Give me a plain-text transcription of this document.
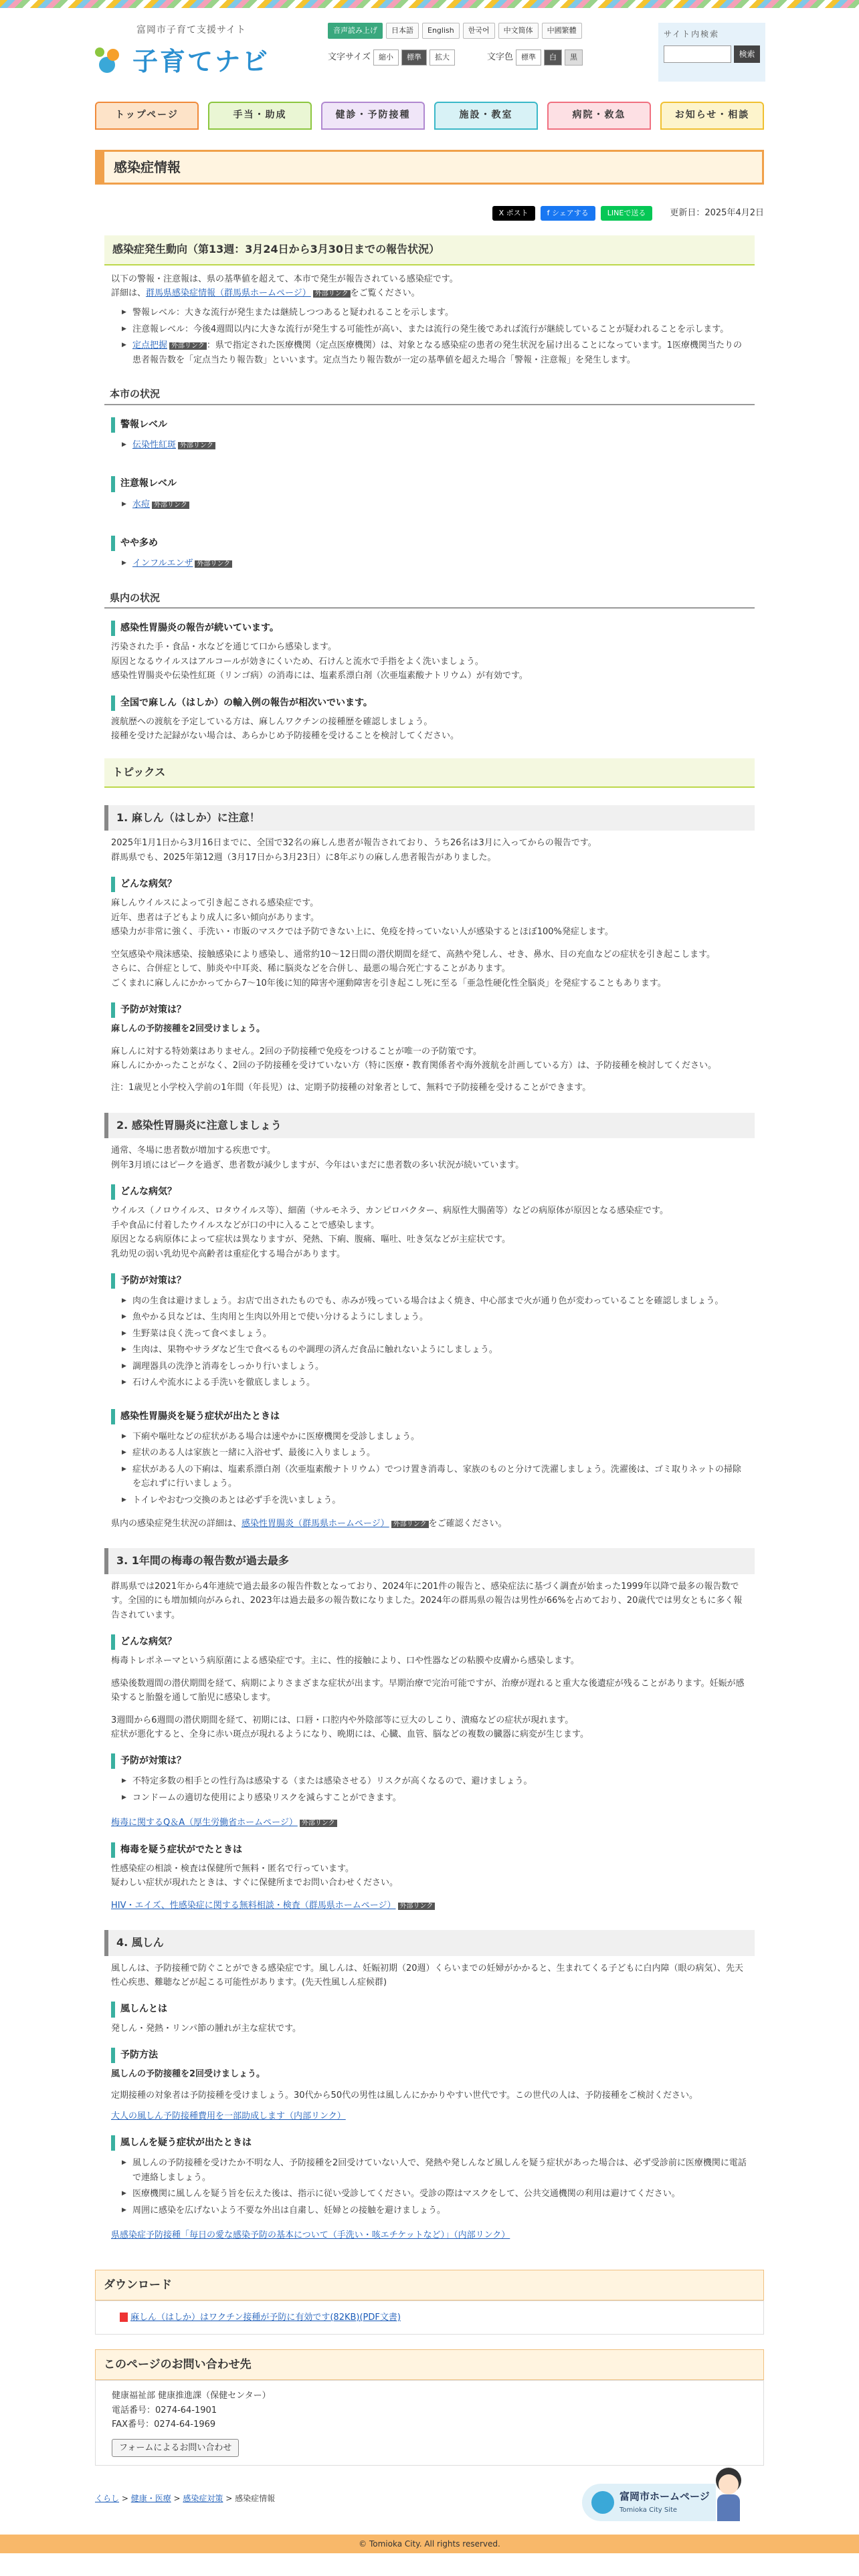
富岡市子育て支援サイト
子育てナビ
音声読み上げ	日本語	English	한국어	中文简体	中國繁體
文字サイズ	縮小	標準	拡大	文字色	標準	白	黒
サイト内検索
検索
トップページ	手当・助成	健診・予防接種	施設・教室	病院・救急	お知らせ・相談
感染症情報
X ポスト	f シェアする	LINEで送る	更新日：2025年4月2日
感染症発生動向（第13週：3月24日から3月30日までの報告状況）

以下の警報・注意報は、県の基準値を超えて、本市で発生が報告されている感染症です。

詳細は、群馬県感染症情報（群馬県ホームページ） 外部リンク をご覧ください。

▶ 警報レベル：大きな流行が発生または継続しつつあると疑われることを示します。
▶ 注意報レベル：今後4週間以内に大きな流行が発生する可能性が高い、または流行の発生後であれば流行が継続していることが疑われることを示します。
▶ 定点把握 外部リンク ：県で指定された医療機関（定点医療機関）は、対象となる感染症の患者の発生状況を届け出ることになっています。1医療機関当たりの患者報告数を「定点当たり報告数」といいます。定点当たり報告数が一定の基準値を超えた場合「警報・注意報」を発生します。
本市の状況
警報レベル
▶ 伝染性紅斑 外部リンク
注意報レベル
▶ 水痘 外部リンク
やや多め
▶ インフルエンザ 外部リンク
県内の状況
感染性胃腸炎の報告が続いています。
汚染された手・食品・水などを通じて口から感染します。
原因となるウイルスはアルコールが効きにくいため、石けんと流水で手指をよく洗いましょう。
感染性胃腸炎や伝染性紅斑（リンゴ病）の消毒には、塩素系漂白剤（次亜塩素酸ナトリウム）が有効です。
全国で麻しん（はしか）の輸入例の報告が相次いでいます。
渡航歴への渡航を予定している方は、麻しんワクチンの接種歴を確認しましょう。
接種を受けた記録がない場合は、あらかじめ予防接種を受けることを検討してください。
トピックス
1. 麻しん（はしか）に注意！
2025年1月1日から3月16日までに、全国で32名の麻しん患者が報告されており、うち26名は3月に入ってからの報告です。
群馬県でも、2025年第12週（3月17日から3月23日）に8年ぶりの麻しん患者報告がありました。
どんな病気？
麻しんウイルスによって引き起こされる感染症です。
近年、患者は子どもより成人に多い傾向があります。
感染力が非常に強く、手洗い・市販のマスクでは予防できない上に、免疫を持っていない人が感染するとほぼ100%発症します。
空気感染や飛沫感染、接触感染により感染し、通常約10〜12日間の潜伏期間を経て、高熱や発しん、せき、鼻水、目の充血などの症状を引き起こします。
さらに、合併症として、肺炎や中耳炎、稀に脳炎などを合併し、最悪の場合死亡することがあります。
ごくまれに麻しんにかかってから7〜10年後に知的障害や運動障害を引き起こし死に至る「亜急性硬化性全脳炎」を発症することもあります。
予防が対策は？
麻しんの予防接種を2回受けましょう。
麻しんに対する特効薬はありません。2回の予防接種で免疫をつけることが唯一の予防策です。
麻しんにかかったことがなく、2回の予防接種を受けていない方（特に医療・教育関係者や海外渡航を計画している方）は、予防接種を検討してください。
注：1歳児と小学校入学前の1年間（年長児）は、定期予防接種の対象者として、無料で予防接種を受けることができます。
2. 感染性胃腸炎に注意しましょう
通常、冬場に患者数が増加する疾患です。
例年3月頃にはピークを過ぎ、患者数が減少しますが、今年はいまだに患者数の多い状況が続いています。
どんな病気？
ウイルス（ノロウイルス、ロタウイルス等）、細菌（サルモネラ、カンピロバクター、病原性大腸菌等）などの病原体が原因となる感染症です。
手や食品に付着したウイルスなどが口の中に入ることで感染します。
原因となる病原体によって症状は異なりますが、発熱、下痢、腹痛、嘔吐、吐き気などが主症状です。
乳幼児の弱い乳幼児や高齢者は重症化する場合があります。
予防が対策は？
▶ 肉の生食は避けましょう。お店で出されたものでも、赤みが残っている場合はよく焼き、中心部まで火が通り色が変わっていることを確認しましょう。
▶ 魚やかる貝などは、生肉用と生肉以外用とで使い分けるようにしましょう。
▶ 生野菜は良く洗って食べましょう。
▶ 生肉は、果物やサラダなど生で食べるものや調理の済んだ食品に触れないようにしましょう。
▶ 調理器具の洗浄と消毒をしっかり行いましょう。
▶ 石けんや流水による手洗いを徹底しましょう。
感染性胃腸炎を疑う症状が出たときは
▶ 下痢や嘔吐などの症状がある場合は速やかに医療機関を受診しましょう。
▶ 症状のある人は家族と一緒に入浴せず、最後に入りましょう。
▶ 症状がある人の下痢は、塩素系漂白剤（次亜塩素酸ナトリウム）でつけ置き消毒し、家族のものと分けて洗濯しましょう。洗濯後は、ゴミ取りネットの掃除を忘れずに行いましょう。
▶ トイレやおむつ交換のあとは必ず手を洗いましょう。
県内の感染症発生状況の詳細は、感染性胃腸炎（群馬県ホームページ） 外部リンク をご確認ください。
3. 1年間の梅毒の報告数が過去最多
群馬県では2021年から4年連続で過去最多の報告件数となっており、2024年に201件の報告と、感染症法に基づく調査が始まった1999年以降で最多の報告数です。全国的にも増加傾向がみられ、2023年は過去最多の報告数になりました。2024年の群馬県の報告は男性が66%を占めており、20歳代では男女ともに多く報告されています。
どんな病気？
梅毒トレポネーマという病原菌による感染症です。主に、性的接触により、口や性器などの粘膜や皮膚から感染します。
感染後数週間の潜伏期間を経て、病期によりさまざまな症状が出ます。早期治療で完治可能ですが、治療が遅れると重大な後遺症が残ることがあります。妊娠が感染すると胎盤を通して胎児に感染します。
3週間から6週間の潜伏期間を経て、初期には、口唇・口腔内や外陰部等に豆大のしこり、潰瘍などの症状が現れます。
症状が悪化すると、全身に赤い斑点が現れるようになり、晩期には、心臓、血管、脳などの複数の臓器に病変が生じます。
予防が対策は？
▶ 不特定多数の相手との性行為は感染する（または感染させる）リスクが高くなるので、避けましょう。
▶ コンドームの適切な使用により感染リスクを減らすことができます。
梅毒に関するQ＆A（厚生労働省ホームページ） 外部リンク
梅毒を疑う症状がでたときは
性感染症の相談・検査は保健所で無料・匿名で行っています。
疑わしい症状が現れたときは、すぐに保健所までお問い合わせください。
HIV・エイズ、性感染症に関する無料相談・検査（群馬県ホームページ） 外部リンク
4. 風しん
風しんは、予防接種で防ぐことができる感染症です。風しんは、妊娠初期（20週）くらいまでの妊婦がかかると、生まれてくる子どもに白内障（眼の病気）、先天性心疾患、難聴などが起こる可能性があります。(先天性風しん症候群)
風しんとは
発しん・発熱・リンパ節の腫れが主な症状です。
予防方法
風しんの予防接種を2回受けましょう。
定期接種の対象者は予防接種を受けましょう。30代から50代の男性は風しんにかかりやすい世代です。この世代の人は、予防接種をご検討ください。
大人の風しん予防接種費用を一部助成します（内部リンク）
風しんを疑う症状が出たときは
▶ 風しんの予防接種を受けたか不明な人、予防接種を2回受けていない人で、発熱や発しんなど風しんを疑う症状があった場合は、必ず受診前に医療機関に電話で連絡しましょう。
▶ 医療機関に風しんを疑う旨を伝えた後は、指示に従い受診してください。受診の際はマスクをして、公共交通機関の利用は避けてください。
▶ 周囲に感染を広げないよう不要な外出は自粛し、妊婦との接触を避けましょう。
県感染症予防接種「毎日の愛な感染予防の基本について（手洗い・咳エチケットなど）」（内部リンク）
ダウンロード
麻しん（はしか）はワクチン接種が予防に有効です(82KB)(PDF文書)
このページのお問い合わせ先
健康福祉部 健康推進課（保健センター）
電話番号：0274-64-1901
FAX番号：0274-64-1969
フォームによるお問い合わせ
くらし > 健康・医療 > 感染症対策 > 感染症情報	富岡市ホームページ
Tomioka City Site
© Tomioka City. All rights reserved.
